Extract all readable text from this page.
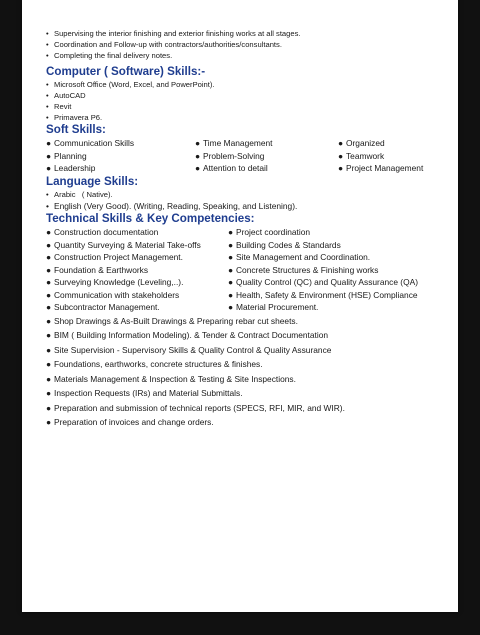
• Supervising the interior finishing and exterior finishing works at all stages.
• Coordination and Follow-up with contractors/authorities/consultants.
• Completing the final delivery notes.
Computer ( Software) Skills:-
• Microsoft Office (Word, Excel, and PowerPoint).
• AutoCAD
• Revit
• Primavera P6.
Soft Skills:
● Communication Skills	● Time Management	● Organized
● Planning	● Problem-Solving	● Teamwork
● Leadership	● Attention to detail	● Project Management
Language Skills:
• Arabic   ( Native).
• English (Very Good). (Writing, Reading, Speaking, and Listening).
Technical Skills & Key Competencies:
● Construction documentation	● Project coordination
● Quantity Surveying & Material Take-offs	● Building Codes & Standards
● Construction Project Management.	● Site Management and Coordination.
● Foundation & Earthworks	● Concrete Structures & Finishing works
● Surveying Knowledge (Leveling,..).	● Quality Control (QC) and Quality Assurance (QA)
● Communication with stakeholders	● Health, Safety & Environment (HSE) Compliance
● Subcontractor Management.	● Material Procurement.
● Shop Drawings & As-Built Drawings & Preparing rebar cut sheets.
● BIM ( Building Information Modeling). & Tender & Contract Documentation
● Site Supervision - Supervisory Skills & Quality Control & Quality Assurance
● Foundations, earthworks, concrete structures & finishes.
● Materials Management & Inspection & Testing & Site Inspections.
● Inspection Requests (IRs) and Material Submittals.
● Preparation and submission of technical reports (SPECS, RFI, MIR, and WIR).
● Preparation of invoices and change orders.
